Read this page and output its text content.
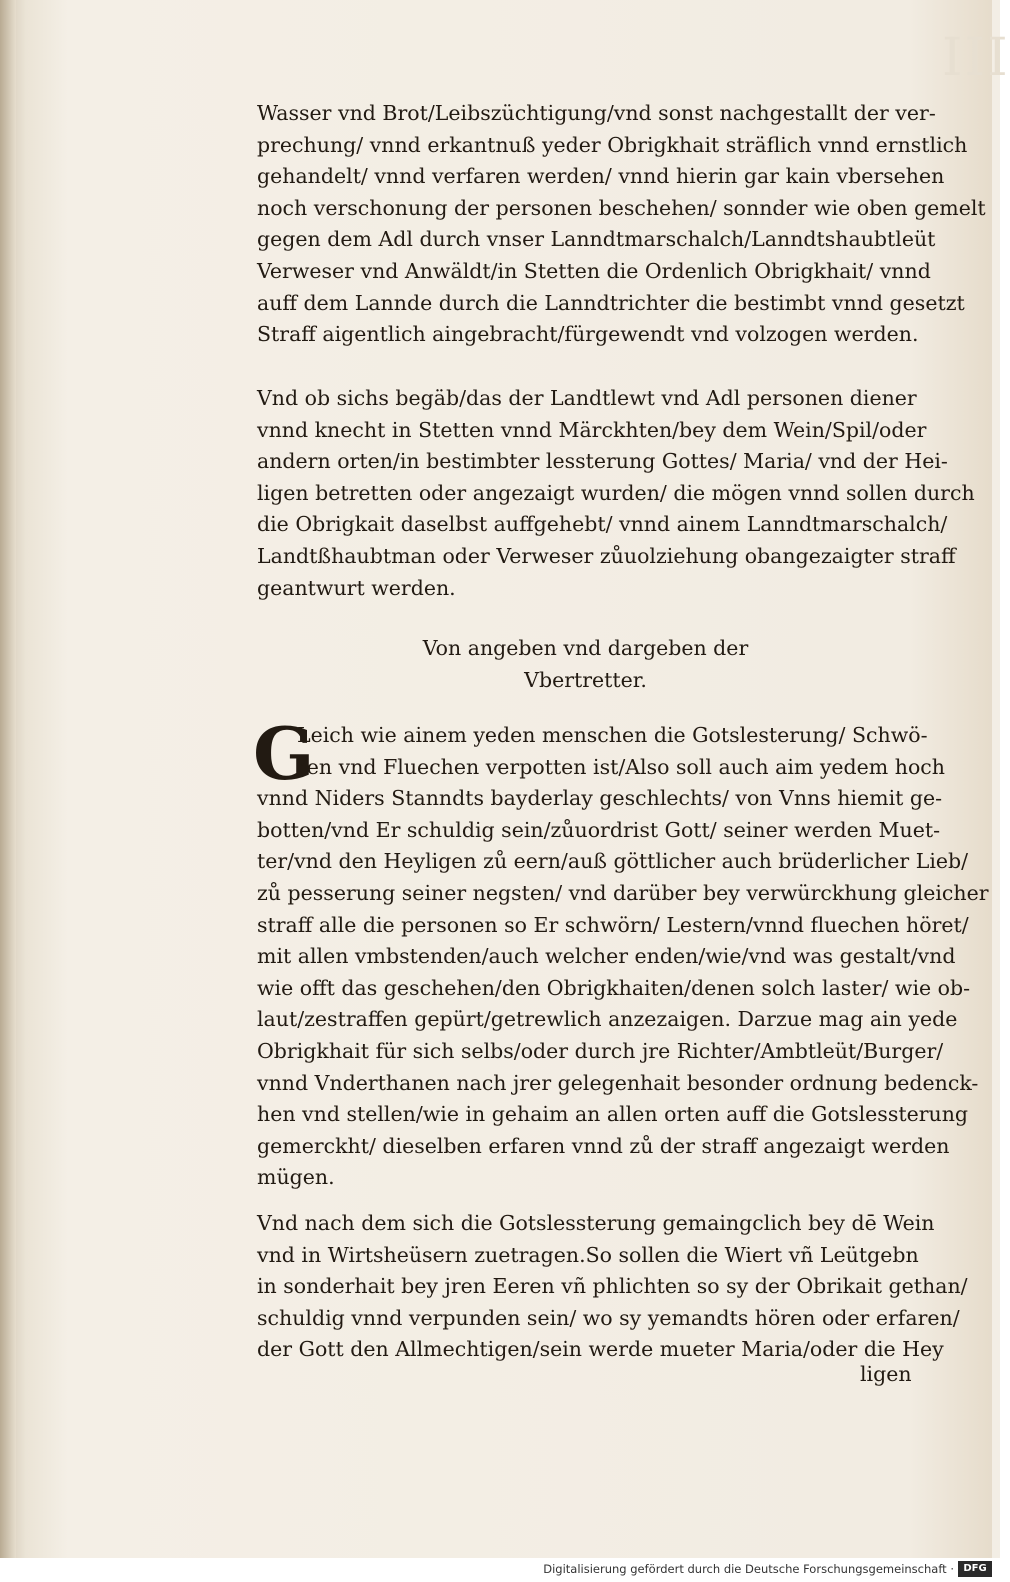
III
Wasser vnd Brot/Leibszüchtigung/vnd sonst nachgestallt der ver-
prechung/ vnnd erkantnuß yeder Obrigkhait sträflich vnnd ernstlich
gehandelt/ vnnd verfaren werden/ vnnd hierin gar kain vbersehen
noch verschonung der personen beschehen/ sonnder wie oben gemelt
gegen dem Adl durch vnser Lanndtmarschalch/Lanndtshaubtleüt
Verweser vnd Anwäldt/in Stetten die Ordenlich Obrigkhait/ vnnd
auff dem Lannde durch die Lanndtrichter die bestimbt vnnd gesetzt
Straff aigentlich aingebracht/fürgewendt vnd volzogen werden.
Vnd ob sichs begäb/das der Landtlewt vnd Adl personen diener
vnnd knecht in Stetten vnnd Märckhten/bey dem Wein/Spil/oder
andern orten/in bestimbter lessterung Gottes/ Maria/ vnd der Hei-
ligen betretten oder angezaigt wurden/ die mögen vnnd sollen durch
die Obrigkait daselbst auffgehebt/ vnnd ainem Lanndtmarschalch/
Landtßhaubtman oder Verweser zůuolziehung obangezaigter straff
geantwurt werden.
Von angeben vnd dargeben der
Vbertretter.
G
Leich wie ainem yeden menschen die Gotslesterung/ Schwö-
ren vnd Fluechen verpotten ist/Also soll auch aim yedem hoch
vnnd Niders Stanndts bayderlay geschlechts/ von Vnns hiemit ge-
botten/vnd Er schuldig sein/zůuordrist Gott/ seiner werden Muet-
ter/vnd den Heyligen zů eern/auß göttlicher auch brüderlicher Lieb/
zů pesserung seiner negsten/ vnd darüber bey verwürckhung gleicher
straff alle die personen so Er schwörn/ Lestern/vnnd fluechen höret/
mit allen vmbstenden/auch welcher enden/wie/vnd was gestalt/vnd
wie offt das geschehen/den Obrigkhaiten/denen solch laster/ wie ob-
laut/zestraffen gepürt/getrewlich anzezaigen. Darzue mag ain yede
Obrigkhait für sich selbs/oder durch jre Richter/Ambtleüt/Burger/
vnnd Vnderthanen nach jrer gelegenhait besonder ordnung bedenck-
hen vnd stellen/wie in gehaim an allen orten auff die Gotslessterung
gemerckht/ dieselben erfaren vnnd zů der straff angezaigt werden
mügen.
Vnd nach dem sich die Gotslessterung gemaingclich bey dē Wein
vnd in Wirtsheüsern zuetragen.So sollen die Wiert vñ Leütgebn
in sonderhait bey jren Eeren vñ phlichten so sy der Obrikait gethan/
schuldig vnnd verpunden sein/ wo sy yemandts hören oder erfaren/
der Gott den Allmechtigen/sein werde mueter Maria/oder die Hey
ligen
Digitalisierung gefördert durch die Deutsche Forschungsgemeinschaft · DFG
